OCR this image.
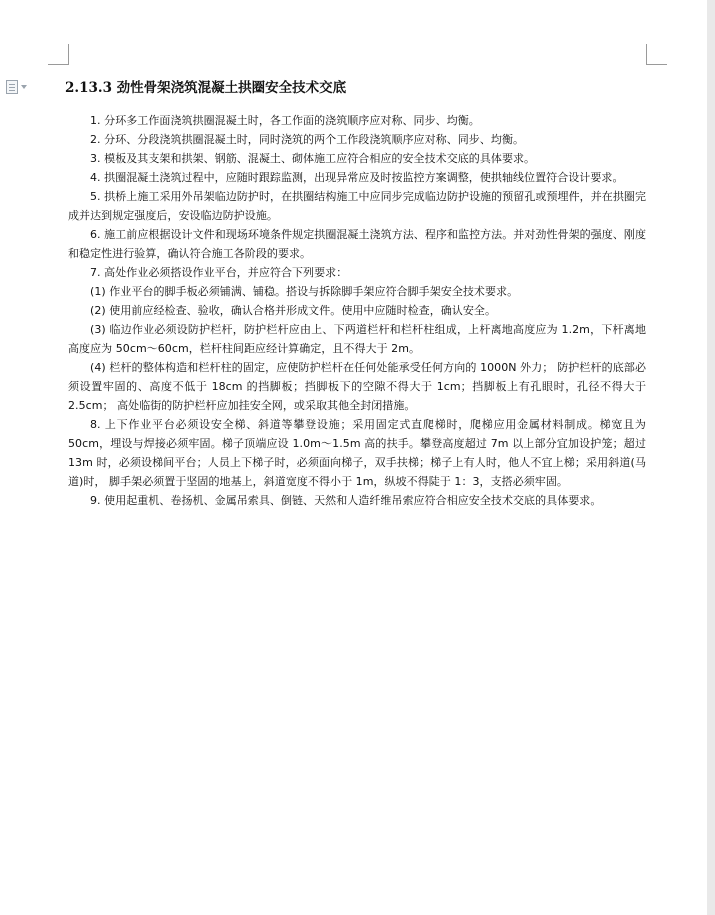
2.13.3 劲性骨架浇筑混凝土拱圈安全技术交底

1. 分环多工作面浇筑拱圈混凝土时，各工作面的浇筑顺序应对称、同步、均衡。

2. 分环、分段浇筑拱圈混凝土时，同时浇筑的两个工作段浇筑顺序应对称、同步、均衡。

3. 模板及其支架和拱架、钢筋、混凝土、砌体施工应符合相应的安全技术交底的具体要求。

4. 拱圈混凝土浇筑过程中，应随时跟踪监测，出现异常应及时按监控方案调整，使拱轴线位置符合设计要求。

5. 拱桥上施工采用外吊架临边防护时，在拱圈结构施工中应同步完成临边防护设施的预留孔或预埋件，并在拱圈完成并达到规定强度后，安设临边防护设施。

6. 施工前应根据设计文件和现场环境条件规定拱圈混凝土浇筑方法、程序和监控方法。并对劲性骨架的强度、刚度和稳定性进行验算，确认符合施工各阶段的要求。

7. 高处作业必须搭设作业平台，并应符合下列要求：

(1) 作业平台的脚手板必须铺满、铺稳。搭设与拆除脚手架应符合脚手架安全技术要求。

(2) 使用前应经检查、验收，确认合格并形成文件。使用中应随时检查，确认安全。

(3) 临边作业必须设防护栏杆，防护栏杆应由上、下两道栏杆和栏杆柱组成，上杆离地高度应为 1.2m，下杆离地高度应为 50cm～60cm，栏杆柱间距应经计算确定，且不得大于 2m。

(4) 栏杆的整体构造和栏杆柱的固定，应使防护栏杆在任何处能承受任何方向的 1000N 外力； 防护栏杆的底部必须设置牢固的、高度不低于 18cm 的挡脚板；挡脚板下的空隙不得大于 1cm；挡脚板上有孔眼时，孔径不得大于 2.5cm； 高处临街的防护栏杆应加挂安全网，或采取其他全封闭措施。

8. 上下作业平台必须设安全梯、斜道等攀登设施；采用固定式直爬梯时，爬梯应用金属材料制成。梯宽且为 50cm，埋设与焊接必须牢固。梯子顶端应设 1.0m～1.5m 高的扶手。攀登高度超过 7m 以上部分宜加设护笼；超过 13m 时，必须设梯间平台；人员上下梯子时，必须面向梯子，双手扶梯；梯子上有人时，他人不宜上梯；采用斜道(马道)时， 脚手架必须置于坚固的地基上，斜道宽度不得小于 1m，纵坡不得陡于 1：3，支搭必须牢固。

9. 使用起重机、卷扬机、金属吊索具、倒链、天然和人造纤维吊索应符合相应安全技术交底的具体要求。
